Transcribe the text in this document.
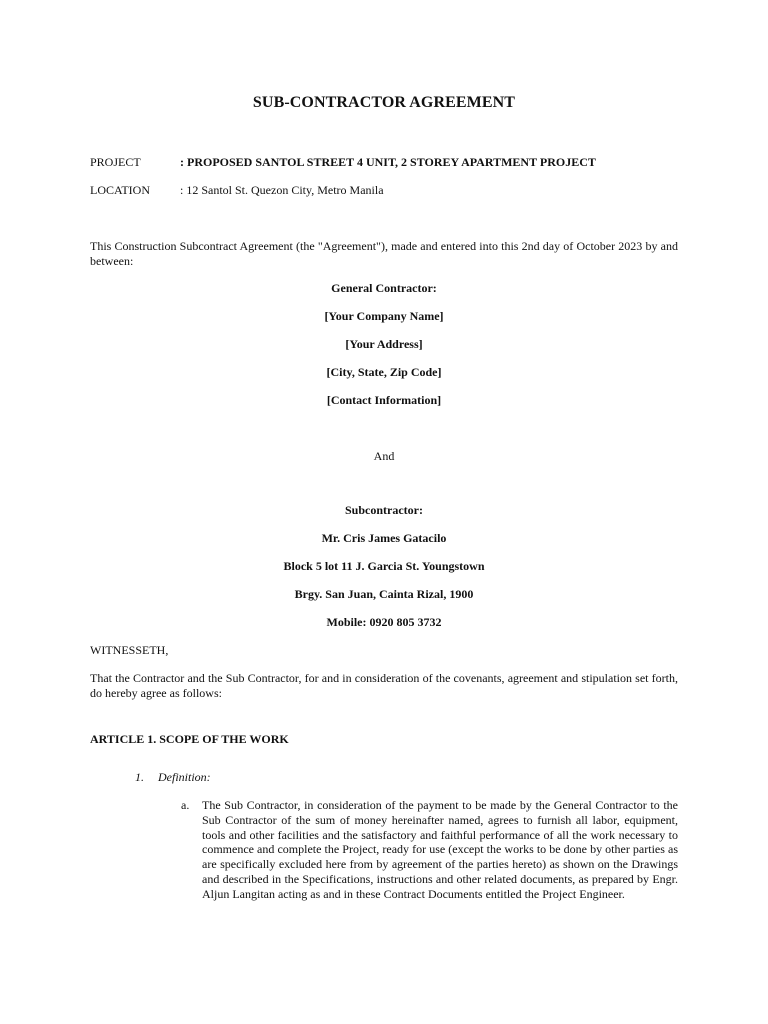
SUB-CONTRACTOR AGREEMENT
PROJECT	: PROPOSED SANTOL STREET 4 UNIT, 2 STOREY APARTMENT PROJECT
LOCATION	: 12 Santol St. Quezon City, Metro Manila
This Construction Subcontract Agreement (the "Agreement"), made and entered into this 2nd day of October 2023 by and between:
General Contractor:
[Your Company Name]
[Your Address]
[City, State, Zip Code]
[Contact Information]
And
Subcontractor:
Mr. Cris James Gatacilo
Block 5 lot 11 J. Garcia St. Youngstown
Brgy. San Juan, Cainta Rizal, 1900
Mobile: 0920 805 3732
WITNESSETH,
That the Contractor and the Sub Contractor, for and in consideration of the covenants, agreement and stipulation set forth, do hereby agree as follows:
ARTICLE 1. SCOPE OF THE WORK
1. Definition:
a. The Sub Contractor, in consideration of the payment to be made by the General Contractor to the Sub Contractor of the sum of money hereinafter named, agrees to furnish all labor, equipment, tools and other facilities and the satisfactory and faithful performance of all the work necessary to commence and complete the Project, ready for use (except the works to be done by other parties as are specifically excluded here from by agreement of the parties hereto) as shown on the Drawings and described in the Specifications, instructions and other related documents, as prepared by Engr. Aljun Langitan acting as and in these Contract Documents entitled the Project Engineer.
